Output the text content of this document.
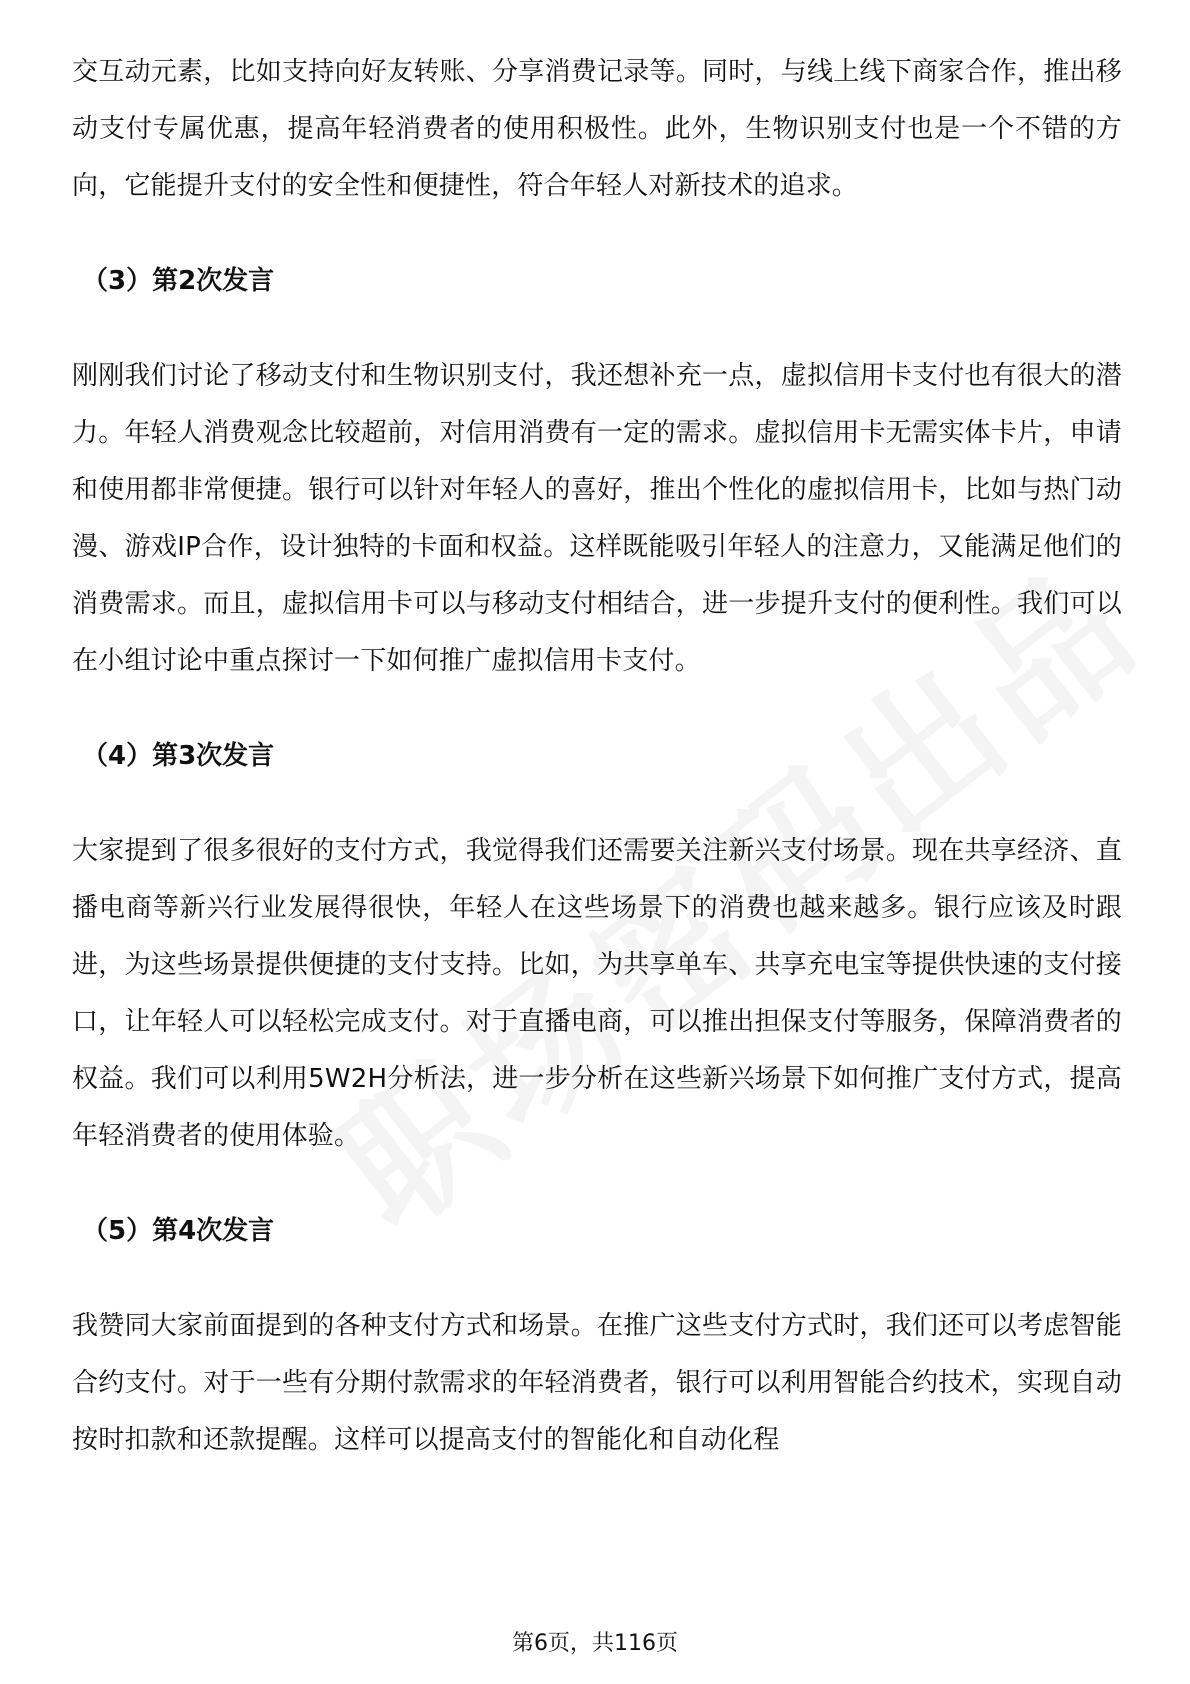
交互动元素，比如支持向好友转账、分享消费记录等。同时，与线上线下商家合作，推出移动支付专属优惠，提高年轻消费者的使用积极性。此外，生物识别支付也是一个不错的方向，它能提升支付的安全性和便捷性，符合年轻人对新技术的追求。

（3）第2次发言

刚刚我们讨论了移动支付和生物识别支付，我还想补充一点，虚拟信用卡支付也有很大的潜力。年轻人消费观念比较超前，对信用消费有一定的需求。虚拟信用卡无需实体卡片，申请和使用都非常便捷。银行可以针对年轻人的喜好，推出个性化的虚拟信用卡，比如与热门动漫、游戏IP合作，设计独特的卡面和权益。这样既能吸引年轻人的注意力，又能满足他们的消费需求。而且，虚拟信用卡可以与移动支付相结合，进一步提升支付的便利性。我们可以在小组讨论中重点探讨一下如何推广虚拟信用卡支付。

（4）第3次发言

大家提到了很多很好的支付方式，我觉得我们还需要关注新兴支付场景。现在共享经济、直播电商等新兴行业发展得很快，年轻人在这些场景下的消费也越来越多。银行应该及时跟进，为这些场景提供便捷的支付支持。比如，为共享单车、共享充电宝等提供快速的支付接口，让年轻人可以轻松完成支付。对于直播电商，可以推出担保支付等服务，保障消费者的权益。我们可以利用5W2H分析法，进一步分析在这些新兴场景下如何推广支付方式，提高年轻消费者的使用体验。

（5）第4次发言

我赞同大家前面提到的各种支付方式和场景。在推广这些支付方式时，我们还可以考虑智能合约支付。对于一些有分期付款需求的年轻消费者，银行可以利用智能合约技术，实现自动按时扣款和还款提醒。这样可以提高支付的智能化和自动化程

第6页，共116页
